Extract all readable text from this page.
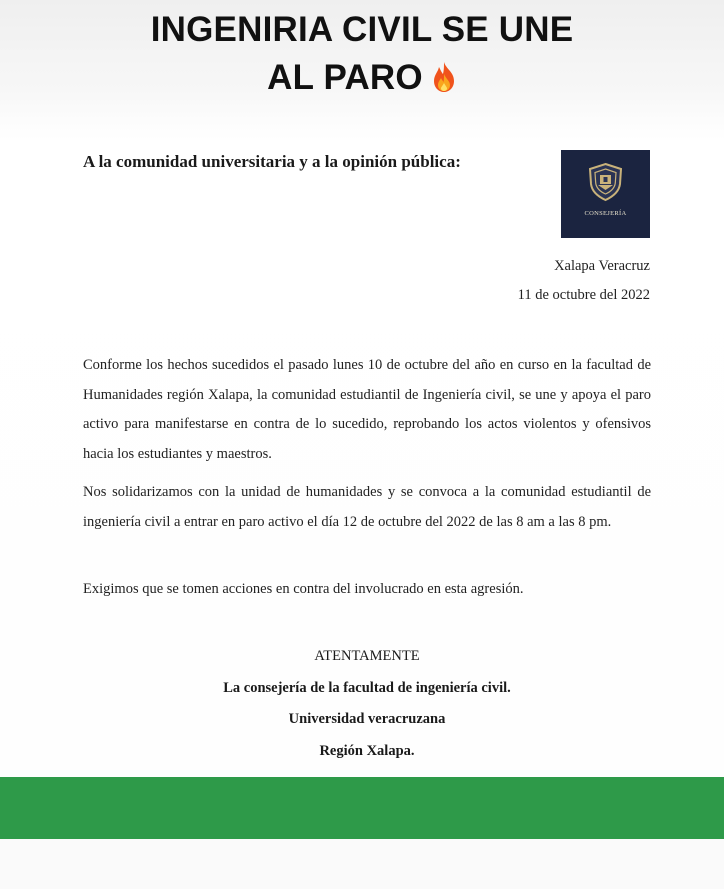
INGENIRIA CIVIL SE UNE
AL PARO
A la comunidad universitaria y a la opinión pública:
CONSEJERÍA
Xalapa Veracruz
11 de octubre del 2022
Conforme los hechos sucedidos el pasado lunes 10 de octubre del año en curso en la facultad de Humanidades región Xalapa, la comunidad estudiantil de Ingeniería civil, se une y apoya el paro activo para manifestarse en contra de lo sucedido, reprobando los actos violentos y ofensivos hacia los estudiantes y maestros.
Nos solidarizamos con la unidad de humanidades y se convoca a la comunidad estudiantil de ingeniería civil a entrar en paro activo el día 12 de octubre del 2022 de las 8 am a las 8 pm.
Exigimos que se tomen acciones en contra del involucrado en esta agresión.
ATENTAMENTE
La consejería de la facultad de ingeniería civil.
Universidad veracruzana
Región Xalapa.
